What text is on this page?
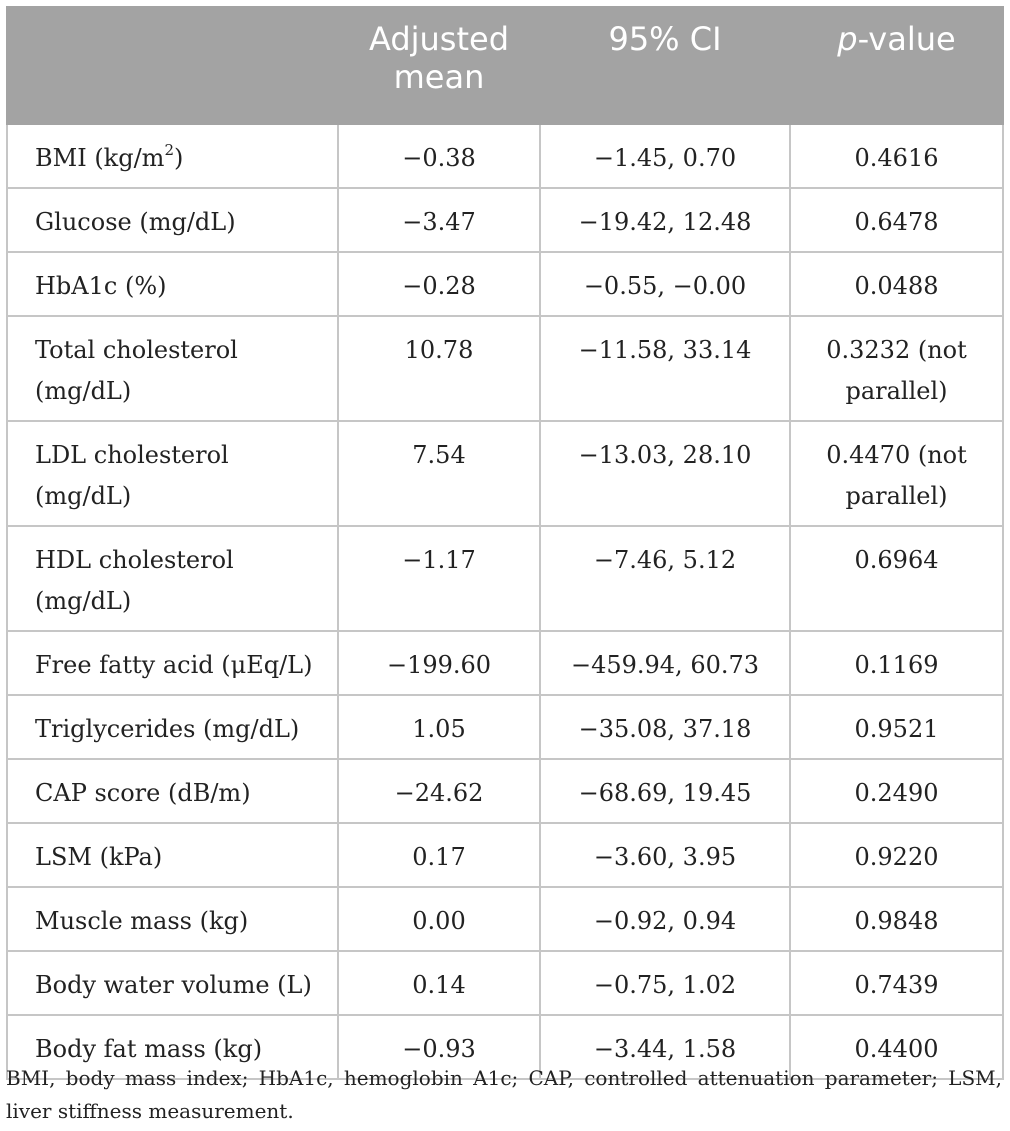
	Adjusted mean	95% CI	p-value
BMI $(kg/m^2)$	−0.38	−1.45, 0.70	0.4616
Glucose (mg/dL)	−3.47	−19.42, 12.48	0.6478
HbA1c (%)	−0.28	−0.55, −0.00	0.0488
Total cholesterol (mg/dL)	10.78	−11.58, 33.14	0.3232 (not parallel)
LDL cholesterol (mg/dL)	7.54	−13.03, 28.10	0.4470 (not parallel)
HDL cholesterol (mg/dL)	−1.17	−7.46, 5.12	0.6964
Free fatty acid (μEq/L)	−199.60	−459.94, 60.73	0.1169
Triglycerides (mg/dL)	1.05	−35.08, 37.18	0.9521
CAP score (dB/m)	−24.62	−68.69, 19.45	0.2490
LSM (kPa)	0.17	−3.60, 3.95	0.9220
Muscle mass (kg)	0.00	−0.92, 0.94	0.9848
Body water volume (L)	0.14	−0.75, 1.02	0.7439
Body fat mass (kg)	−0.93	−3.44, 1.58	0.4400
BMI, body mass index; HbA1c, hemoglobin A1c; CAP, controlled attenuation parameter; LSM, liver stiffness measurement.
